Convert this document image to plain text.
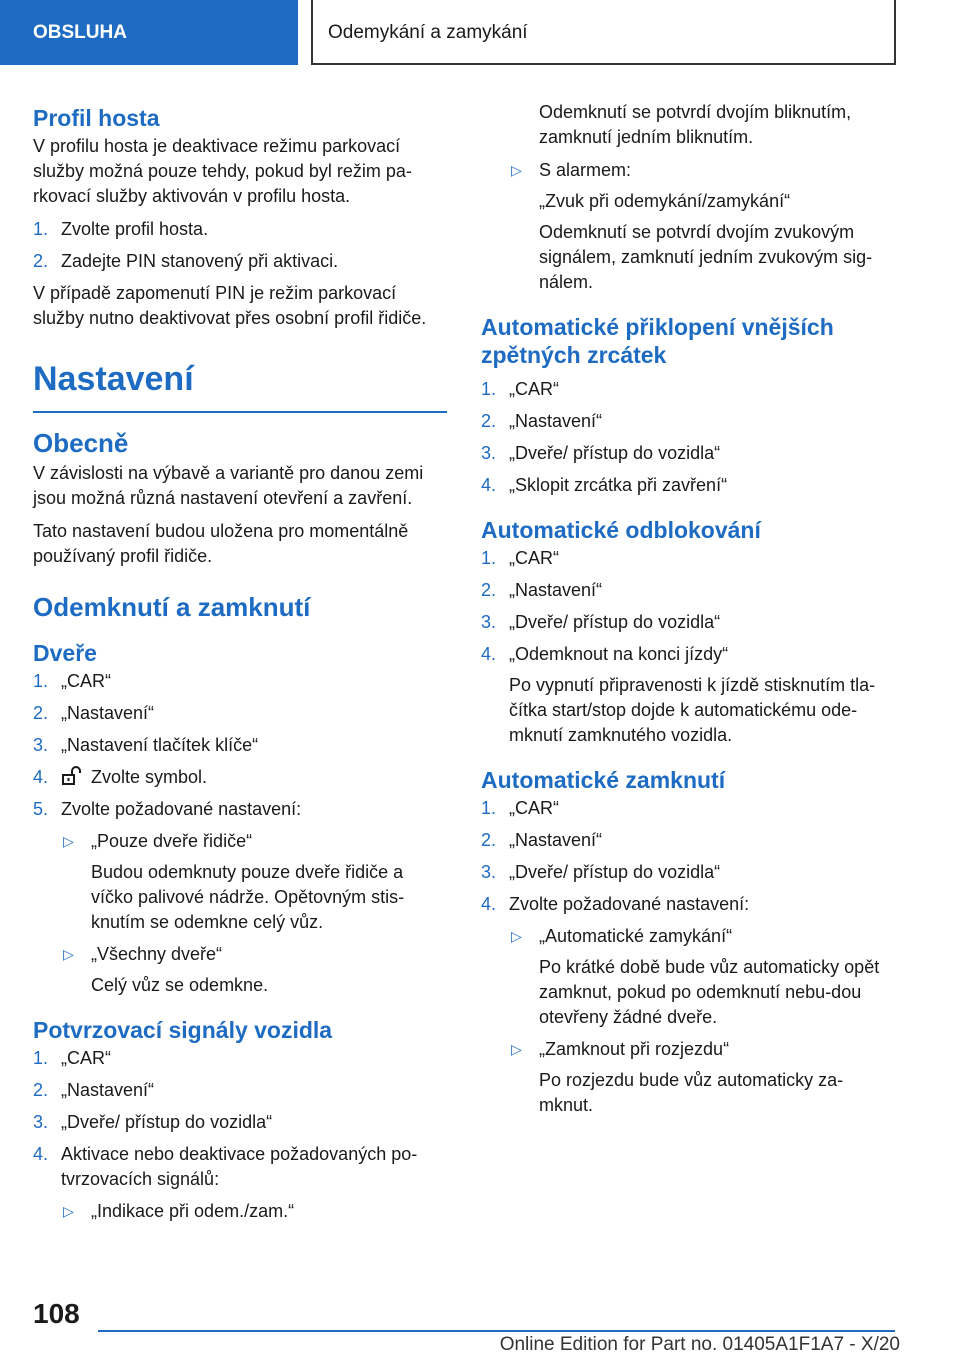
OBSLUHA	Odemykání a zamykání
Profil hosta

V profilu hosta je deaktivace režimu parkovací služby možná pouze tehdy, pokud byl režim pa‐rkovací služby aktivován v profilu hosta.

1. Zvolte profil hosta.
2. Zadejte PIN stanovený při aktivaci.

V případě zapomenutí PIN je režim parkovací služby nutno deaktivovat přes osobní profil řidiče.

Nastavení
Obecně

V závislosti na výbavě a variantě pro danou zemi jsou možná různá nastavení otevření a zavření.

Tato nastavení budou uložena pro momentálně používaný profil řidiče.

Odemknutí a zamknutí
Dveře
1. „CAR“
2. „Nastavení“
3. „Nastavení tlačítek klíče“
4. Zvolte symbol.
5. Zvolte požadované nastavení:
▷ „Pouze dveře řidiče“
Budou odemknuty pouze dveře řidiče a víčko palivové nádrže. Opětovným stis‐knutím se odemkne celý vůz.
▷ „Všechny dveře“
Celý vůz se odemkne.
Potvrzovací signály vozidla
1. „CAR“
2. „Nastavení“
3. „Dveře/ přístup do vozidla“
4. Aktivace nebo deaktivace požadovaných po‐tvrzovacích signálů:
▷ „Indikace při odem./zam.“
Odemknutí se potvrdí dvojím bliknutím, zamknutí jedním bliknutím.
▷ S alarmem:
„Zvuk při odemykání/zamykání“
Odemknutí se potvrdí dvojím zvukovým signálem, zamknutí jedním zvukovým sig‐nálem.
Automatické přiklopení vnějších zpětných zrcátek
1. „CAR“
2. „Nastavení“
3. „Dveře/ přístup do vozidla“
4. „Sklopit zrcátka při zavření“
Automatické odblokování
1. „CAR“
2. „Nastavení“
3. „Dveře/ přístup do vozidla“
4. „Odemknout na konci jízdy“
Po vypnutí připravenosti k jízdě stisknutím tla‐čítka start/stop dojde k automatickému ode‐mknutí zamknutého vozidla.
Automatické zamknutí
1. „CAR“
2. „Nastavení“
3. „Dveře/ přístup do vozidla“
4. Zvolte požadované nastavení:
▷ „Automatické zamykání“
Po krátké době bude vůz automaticky opět zamknut, pokud po odemknutí nebu‐dou otevřeny žádné dveře.
▷ „Zamknout při rozjezdu“
Po rozjezdu bude vůz automaticky za‐mknut.
108
Online Edition for Part no. 01405A1F1A7 - X/20
